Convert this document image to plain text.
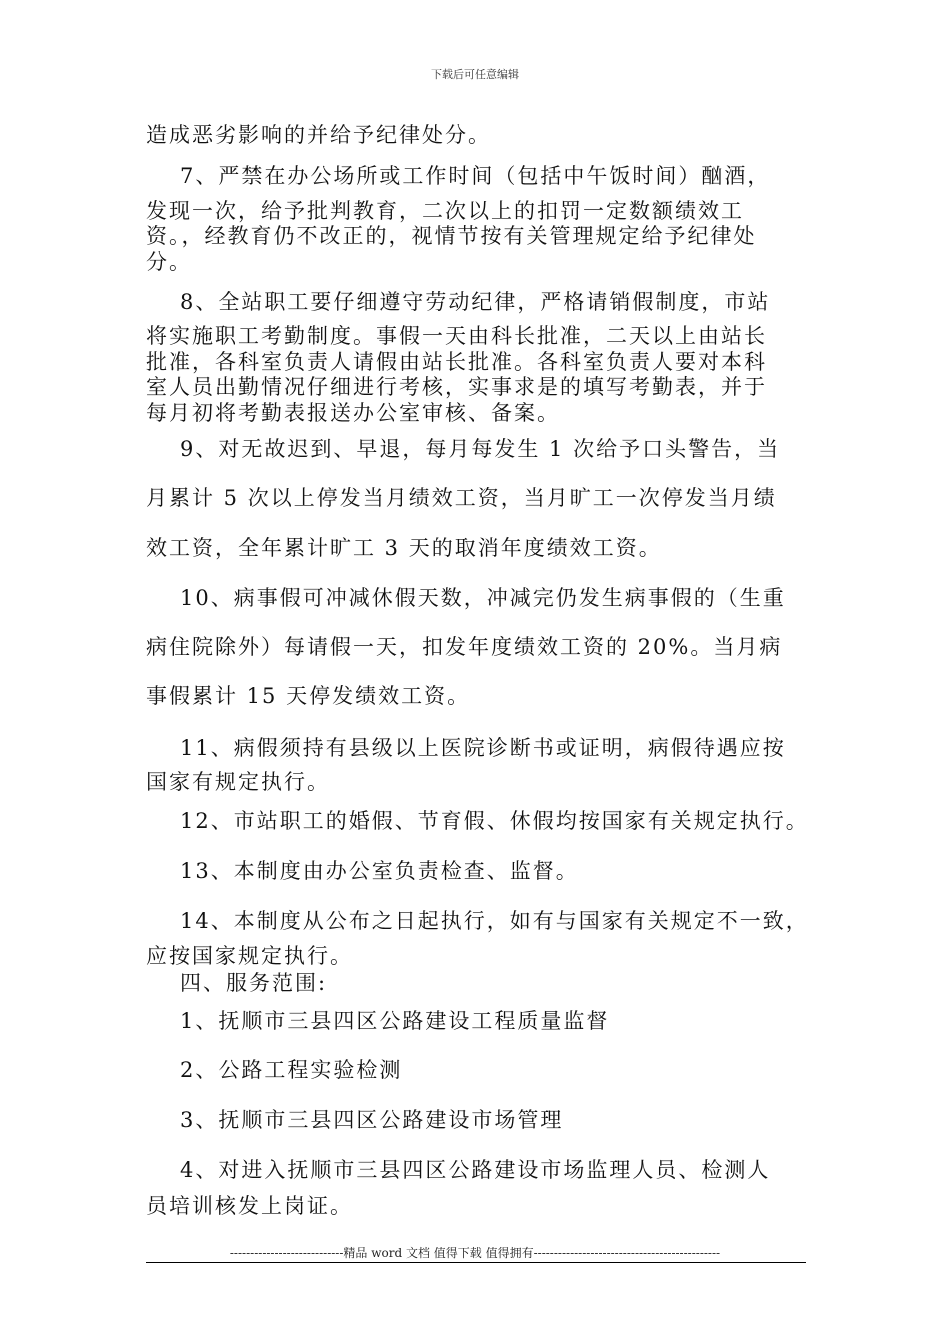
下载后可任意编辑
造成恶劣影响的并给予纪律处分。
7、严禁在办公场所或工作时间（包括中午饭时间）酗酒，
发现一次，给予批判教育，二次以上的扣罚一定数额绩效工
资。，经教育仍不改正的，视情节按有关管理规定给予纪律处
分。
8、全站职工要仔细遵守劳动纪律，严格请销假制度，市站
将实施职工考勤制度。事假一天由科长批准，二天以上由站长
批准，各科室负责人请假由站长批准。各科室负责人要对本科
室人员出勤情况仔细进行考核，实事求是的填写考勤表，并于
每月初将考勤表报送办公室审核、备案。
9、对无故迟到、早退，每月每发生 1 次给予口头警告，当
月累计 5 次以上停发当月绩效工资，当月旷工一次停发当月绩
效工资，全年累计旷工 3 天的取消年度绩效工资。
10、病事假可冲减休假天数，冲减完仍发生病事假的（生重
病住院除外）每请假一天，扣发年度绩效工资的 20%。当月病
事假累计 15 天停发绩效工资。
11、病假须持有县级以上医院诊断书或证明，病假待遇应按
国家有规定执行。
12、市站职工的婚假、节育假、休假均按国家有关规定执行。
13、本制度由办公室负责检查、监督。
14、本制度从公布之日起执行，如有与国家有关规定不一致，
应按国家规定执行。
四、服务范围:
1、抚顺市三县四区公路建设工程质量监督
2、公路工程实验检测
3、抚顺市三县四区公路建设市场管理
4、对进入抚顺市三县四区公路建设市场监理人员、检测人
员培训核发上岗证。
----------------------------精品 word 文档 值得下载 值得拥有----------------------------------------------
